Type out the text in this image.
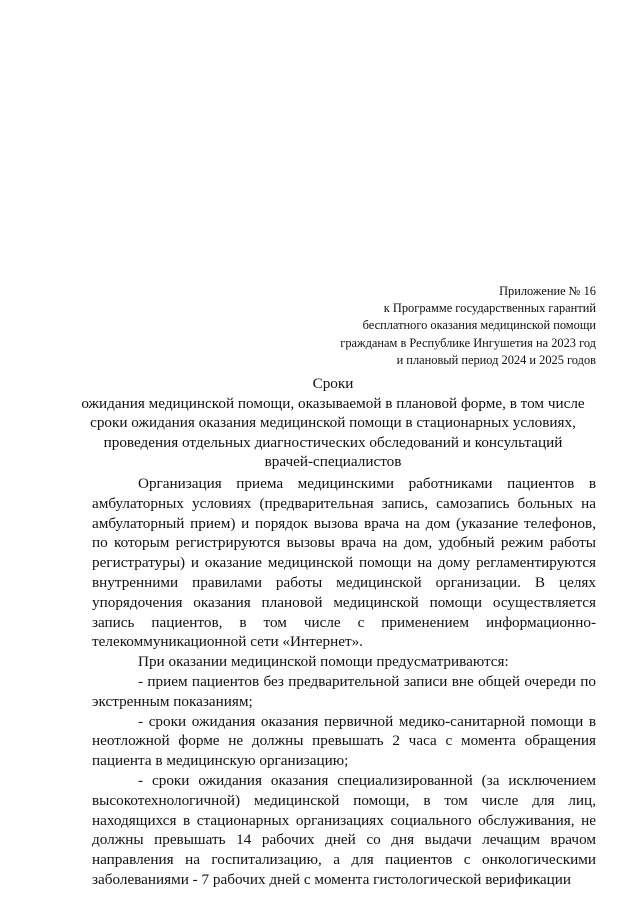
Приложение № 16
к Программе государственных гарантий
бесплатного оказания медицинской помощи
гражданам в Республике Ингушетия на 2023 год
и плановый период 2024 и 2025 годов
Сроки
ожидания медицинской помощи, оказываемой в плановой форме, в том числе
сроки ожидания оказания медицинской помощи в стационарных условиях,
проведения отдельных диагностических обследований и консультаций
врачей-специалистов

Организация приема медицинскими работниками пациентов в амбулаторных условиях (предварительная запись, самозапись больных на амбулаторный прием) и порядок вызова врача на дом (указание телефонов, по которым регистрируются вызовы врача на дом, удобный режим работы регистратуры) и оказание медицинской помощи на дому регламентируются внутренними правилами работы медицинской организации. В целях упорядочения оказания плановой медицинской помощи осуществляется запись пациентов, в том числе с применением информационно-телекоммуникационной сети «Интернет».

При оказании медицинской помощи предусматриваются:

- прием пациентов без предварительной записи вне общей очереди по экстренным показаниям;

- сроки ожидания оказания первичной медико-санитарной помощи в неотложной форме не должны превышать 2 часа с момента обращения пациента в медицинскую организацию;

- сроки ожидания оказания специализированной (за исключением высокотехнологичной) медицинской помощи, в том числе для лиц, находящихся в стационарных организациях социального обслуживания, не должны превышать 14 рабочих дней со дня выдачи лечащим врачом направления на госпитализацию, а для пациентов с онкологическими заболеваниями - 7 рабочих дней с момента гистологической верификации
